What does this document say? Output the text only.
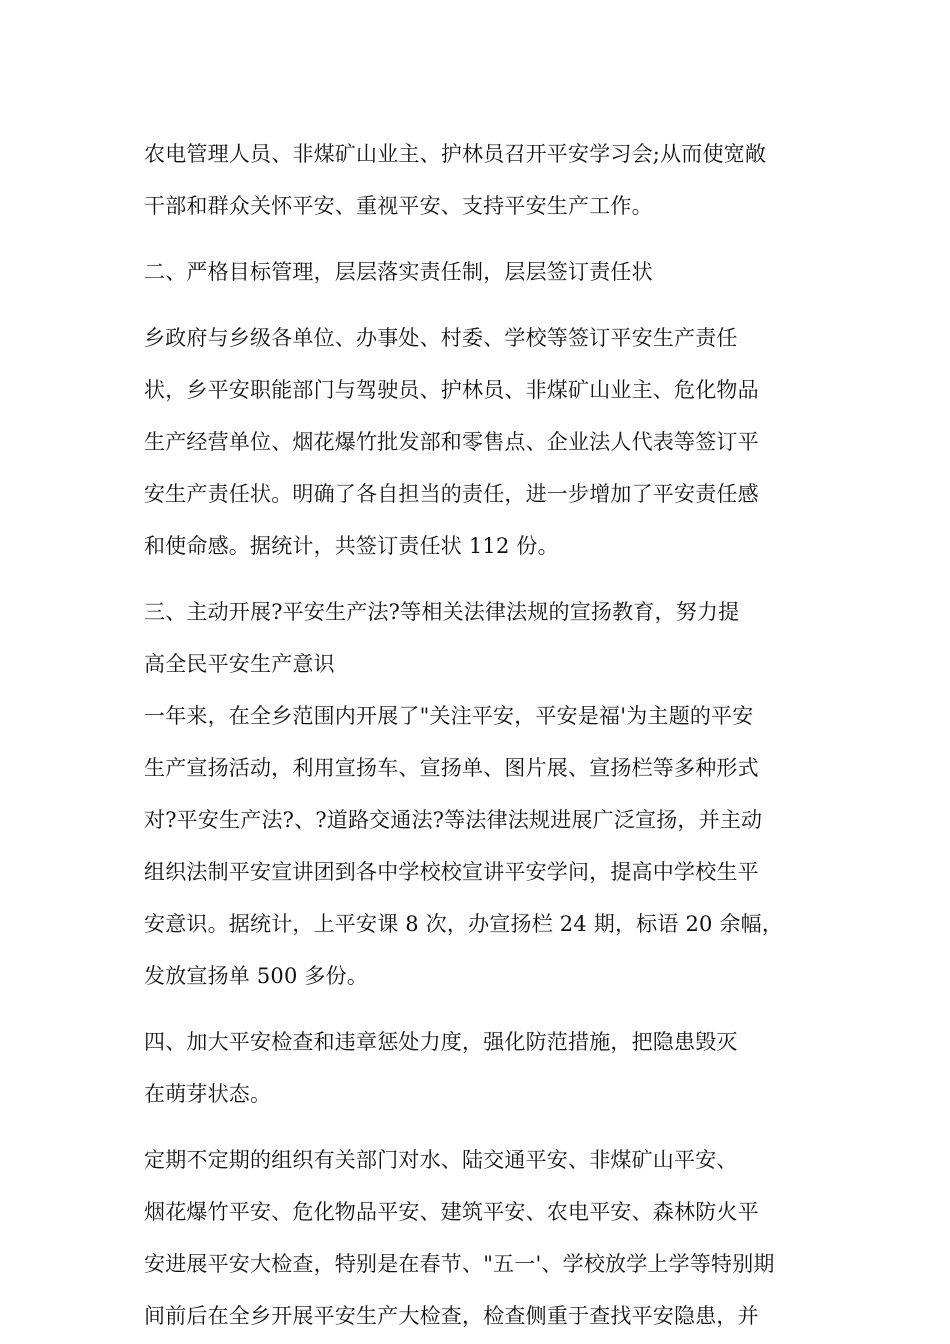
农电管理人员、非煤矿山业主、护林员召开平安学习会;从而使宽敞
干部和群众关怀平安、重视平安、支持平安生产工作。
二、严格目标管理，层层落实责任制，层层签订责任状
乡政府与乡级各单位、办事处、村委、学校等签订平安生产责任
状，乡平安职能部门与驾驶员、护林员、非煤矿山业主、危化物品
生产经营单位、烟花爆竹批发部和零售点、企业法人代表等签订平
安生产责任状。明确了各自担当的责任，进一步增加了平安责任感
和使命感。据统计，共签订责任状 112 份。
三、主动开展?平安生产法?等相关法律法规的宣扬教育，努力提
高全民平安生产意识
一年来，在全乡范围内开展了"关注平安，平安是福'为主题的平安
生产宣扬活动，利用宣扬车、宣扬单、图片展、宣扬栏等多种形式
对?平安生产法?、?道路交通法?等法律法规进展广泛宣扬，并主动
组织法制平安宣讲团到各中学校校宣讲平安学问，提高中学校生平
安意识。据统计，上平安课 8 次，办宣扬栏 24 期，标语 20 余幅，
发放宣扬单 500 多份。
四、加大平安检查和违章惩处力度，强化防范措施，把隐患毁灭
在萌芽状态。
定期不定期的组织有关部门对水、陆交通平安、非煤矿山平安、
烟花爆竹平安、危化物品平安、建筑平安、农电平安、森林防火平
安进展平安大检查，特别是在春节、"五一'、学校放学上学等特别期
间前后在全乡开展平安生产大检查，检查侧重于查找平安隐患，并
